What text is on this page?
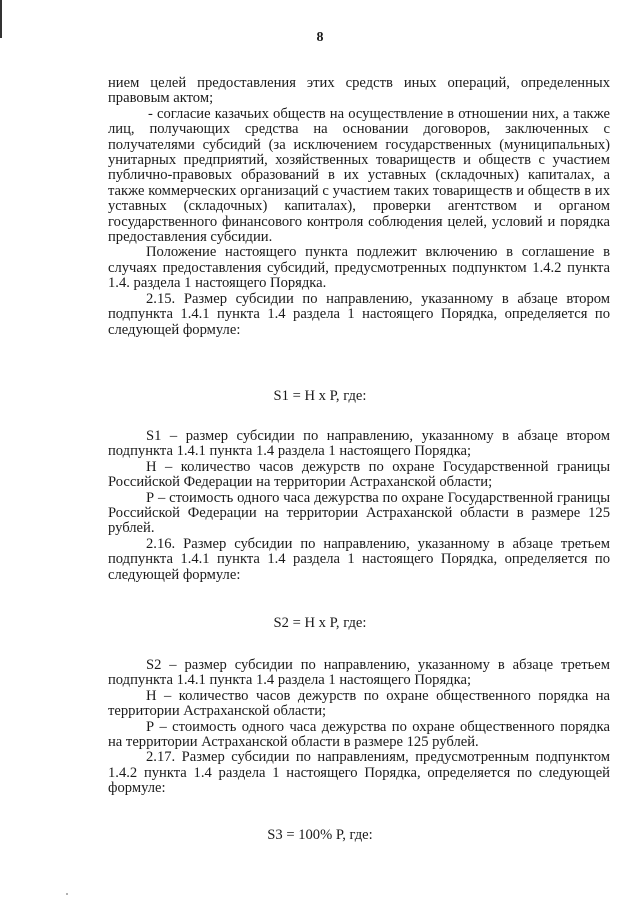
8

нием целей предоставления этих средств иных операций, определенных правовым актом;

- согласие казачьих обществ на осуществление в отношении них, а также лиц, получающих средства на основании договоров, заключенных с получателями субсидий (за исключением государственных (муниципальных) унитарных предприятий, хозяйственных товариществ и обществ с участием публично-правовых образований в их уставных (складочных) капиталах, а также коммерческих организаций с участием таких товариществ и обществ в их уставных (складочных) капиталах), проверки агентством и органом государственного финансового контроля соблюдения целей, условий и порядка предоставления субсидии.

Положение настоящего пункта подлежит включению в соглашение в случаях предоставления субсидий, предусмотренных подпунктом 1.4.2 пункта 1.4. раздела 1 настоящего Порядка.

2.15. Размер субсидии по направлению, указанному в абзаце втором подпункта 1.4.1 пункта 1.4 раздела 1 настоящего Порядка, определяется по следующей формуле:

S1 = Н х Р, где:

S1 – размер субсидии по направлению, указанному в абзаце втором подпункта 1.4.1 пункта 1.4 раздела 1 настоящего Порядка;

Н – количество часов дежурств по охране Государственной границы Российской Федерации на территории Астраханской области;

Р – стоимость одного часа дежурства по охране Государственной границы Российской Федерации на территории Астраханской области в размере 125 рублей.

2.16. Размер субсидии по направлению, указанному в абзаце третьем подпункта 1.4.1 пункта 1.4 раздела 1 настоящего Порядка, определяется по следующей формуле:

S2 = Н х Р, где:

S2 – размер субсидии по направлению, указанному в абзаце третьем подпункта 1.4.1 пункта 1.4 раздела 1 настоящего Порядка;

Н – количество часов дежурств по охране общественного порядка на территории Астраханской области;

Р – стоимость одного часа дежурства по охране общественного порядка на территории Астраханской области в размере 125 рублей.

2.17. Размер субсидии по направлениям, предусмотренным подпунктом 1.4.2 пункта 1.4 раздела 1 настоящего Порядка, определяется по следующей формуле:

S3 = 100% Р, где:
